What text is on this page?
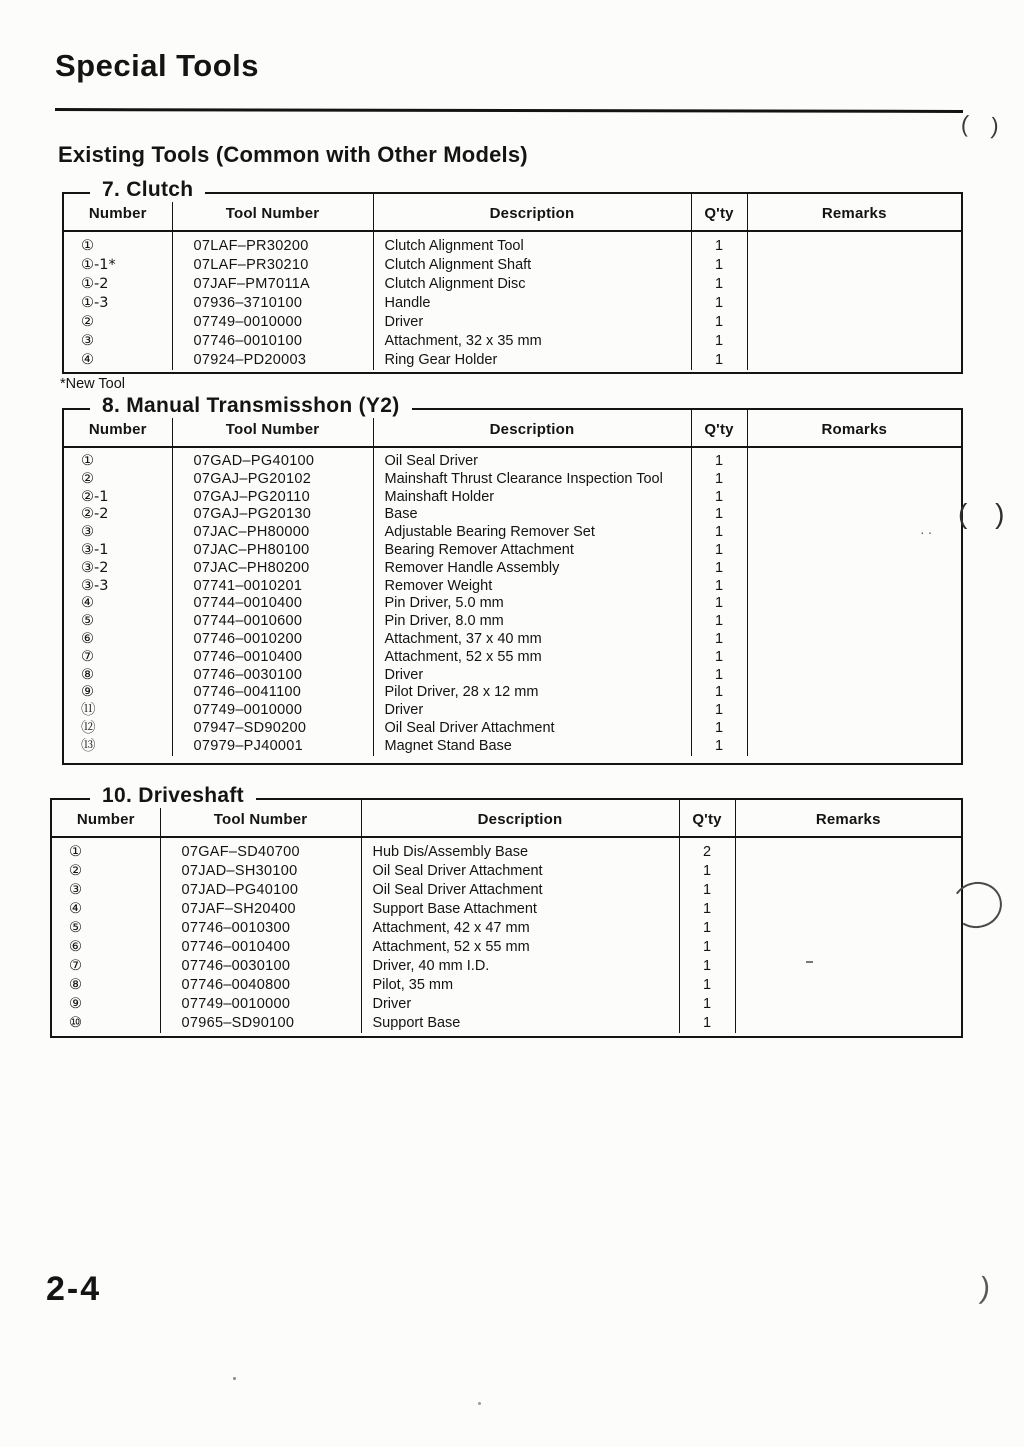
Special Tools
Existing Tools (Common with Other Models)
7. Clutch
Number	Tool Number	Description	Q'ty	Remarks
①	07LAF–PR30200	Clutch Alignment Tool	1	
①-1*	07LAF–PR30210	Clutch Alignment Shaft	1	
①-2	07JAF–PM7011A	Clutch Alignment Disc	1	
①-3	07936–3710100	Handle	1	
②	07749–0010000	Driver	1	
③	07746–0010100	Attachment, 32 x 35 mm	1	
④	07924–PD20003	Ring Gear Holder	1	
*New Tool
8. Manual Transmisshon (Y2)
Number	Tool Number	Description	Q'ty	Romarks
①	07GAD–PG40100	Oil Seal Driver	1	
②	07GAJ–PG20102	Mainshaft Thrust Clearance Inspection Tool	1	
②-1	07GAJ–PG20110	Mainshaft Holder	1	
②-2	07GAJ–PG20130	Base	1	
③	07JAC–PH80000	Adjustable Bearing Remover Set	1	
③-1	07JAC–PH80100	Bearing Remover Attachment	1	
③-2	07JAC–PH80200	Remover Handle Assembly	1	
③-3	07741–0010201	Remover Weight	1	
④	07744–0010400	Pin Driver, 5.0 mm	1	
⑤	07744–0010600	Pin Driver, 8.0 mm	1	
⑥	07746–0010200	Attachment, 37 x 40 mm	1	
⑦	07746–0010400	Attachment, 52 x 55 mm	1	
⑧	07746–0030100	Driver	1	
⑨	07746–0041100	Pilot Driver, 28 x 12 mm	1	
⑪	07749–0010000	Driver	1	
⑫	07947–SD90200	Oil Seal Driver Attachment	1	
⑬	07979–PJ40001	Magnet Stand Base	1	
10. Driveshaft
Number	Tool Number	Description	Q'ty	Remarks
①	07GAF–SD40700	Hub Dis/Assembly Base	2	
②	07JAD–SH30100	Oil Seal Driver Attachment	1	
③	07JAD–PG40100	Oil Seal Driver Attachment	1	
④	07JAF–SH20400	Support Base Attachment	1	
⑤	07746–0010300	Attachment, 42 x 47 mm	1	
⑥	07746–0010400	Attachment, 52 x 55 mm	1	
⑦	07746–0030100	Driver, 40 mm I.D.	1	
⑧	07746–0040800	Pilot, 35 mm	1	
⑨	07749–0010000	Driver	1	
⑩	07965–SD90100	Support Base	1	
2-4
( )
( )
··
)
